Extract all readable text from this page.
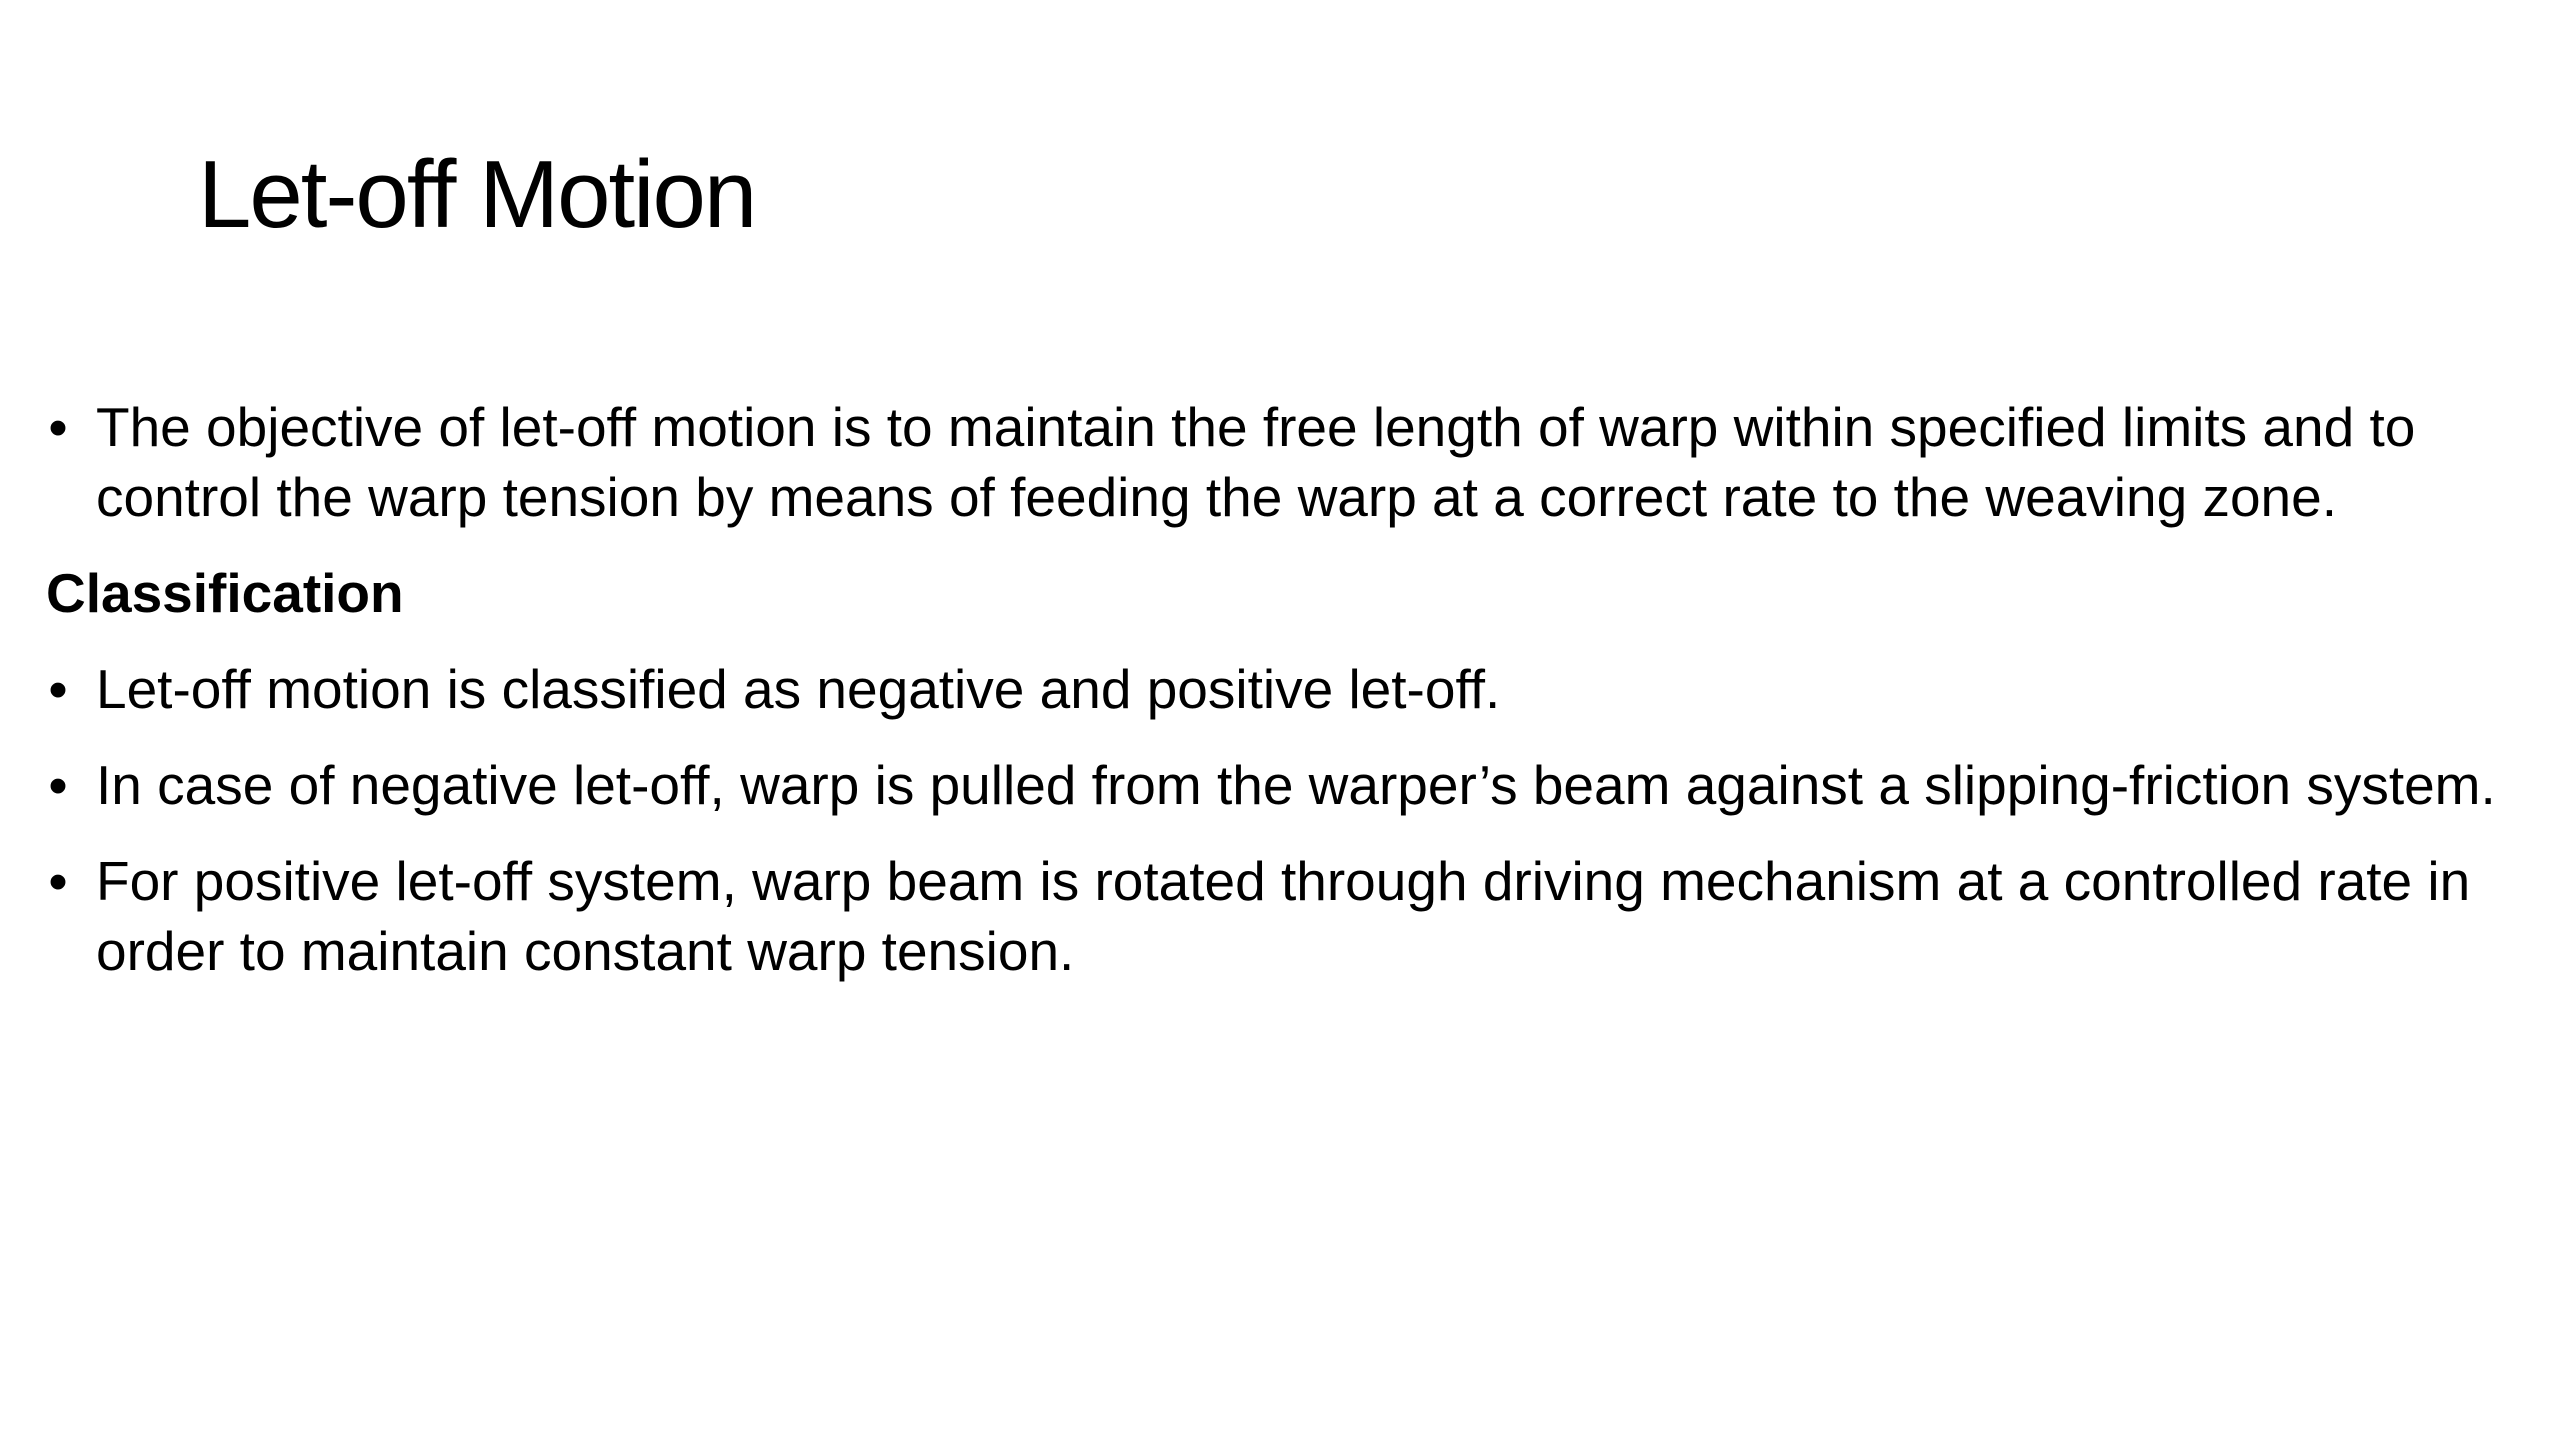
Let-off Motion
• The objective of let-off motion is to maintain the free length of warp within specified limits and to control the warp tension by means of feeding the warp at a correct rate to the weaving zone.
Classification
• Let-off motion is classified as negative and positive let-off.
• In case of negative let-off, warp is pulled from the warper’s beam against a slipping-friction system.
• For positive let-off system, warp beam is rotated through driving mechanism at a controlled rate in order to maintain constant warp tension.
